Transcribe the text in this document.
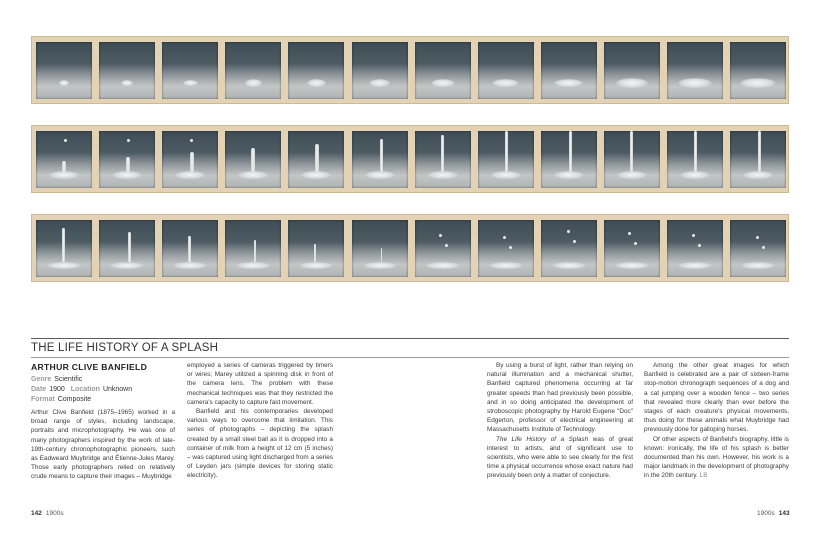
THE LIFE HISTORY OF A SPLASH
ARTHUR CLIVE BANFIELD
Genre Scientific
Date 1900 Location Unknown
Format Composite

Arthur Clive Banfield (1875–1965) worked in a broad range of styles, including landscape, portraits and microphotography. He was one of many photographers inspired by the work of late-19th-century chronophotographic pioneers, such as Eadweard Muybridge and Étienne-Jules Marey. Those early photographers relied on relatively crude means to capture their images – Muybridge

employed a series of cameras triggered by timers or wires; Marey utilized a spinning disk in front of the camera lens. The problem with these mechanical techniques was that they restricted the camera's capacity to capture fast movement.

Banfield and his contemporaries developed various ways to overcome that limitation. This series of photographs – depicting the splash created by a small steel ball as it is dropped into a container of milk from a height of 12 cm (5 inches) – was captured using light discharged from a series of Leyden jars (simple devices for storing static electricity).

By using a burst of light, rather than relying on natural illumination and a mechanical shutter, Banfield captured phenomena occurring at far greater speeds than had previously been possible, and in so doing anticipated the development of stroboscopic photography by Harold Eugene "Doc" Edgerton, professor of electrical engineering at Massachusetts Institute of Technology.

The Life History of a Splash was of great interest to artists, and of significant use to scientists, who were able to see clearly for the first time a physical occurrence whose exact nature had previously been only a matter of conjecture.

Among the other great images for which Banfield is celebrated are a pair of sixteen-frame stop-motion chronograph sequences of a dog and a cat jumping over a wooden fence – two series that revealed more clearly than ever before the stages of each creature's physical movements, thus doing for these animals what Muybridge had previously done for galloping horses.

Of other aspects of Banfield's biography, little is known: ironically, the life of his splash is better documented than his own. However, his work is a major landmark in the development of photography in the 20th century. LB

142 1900s	1900s 143
